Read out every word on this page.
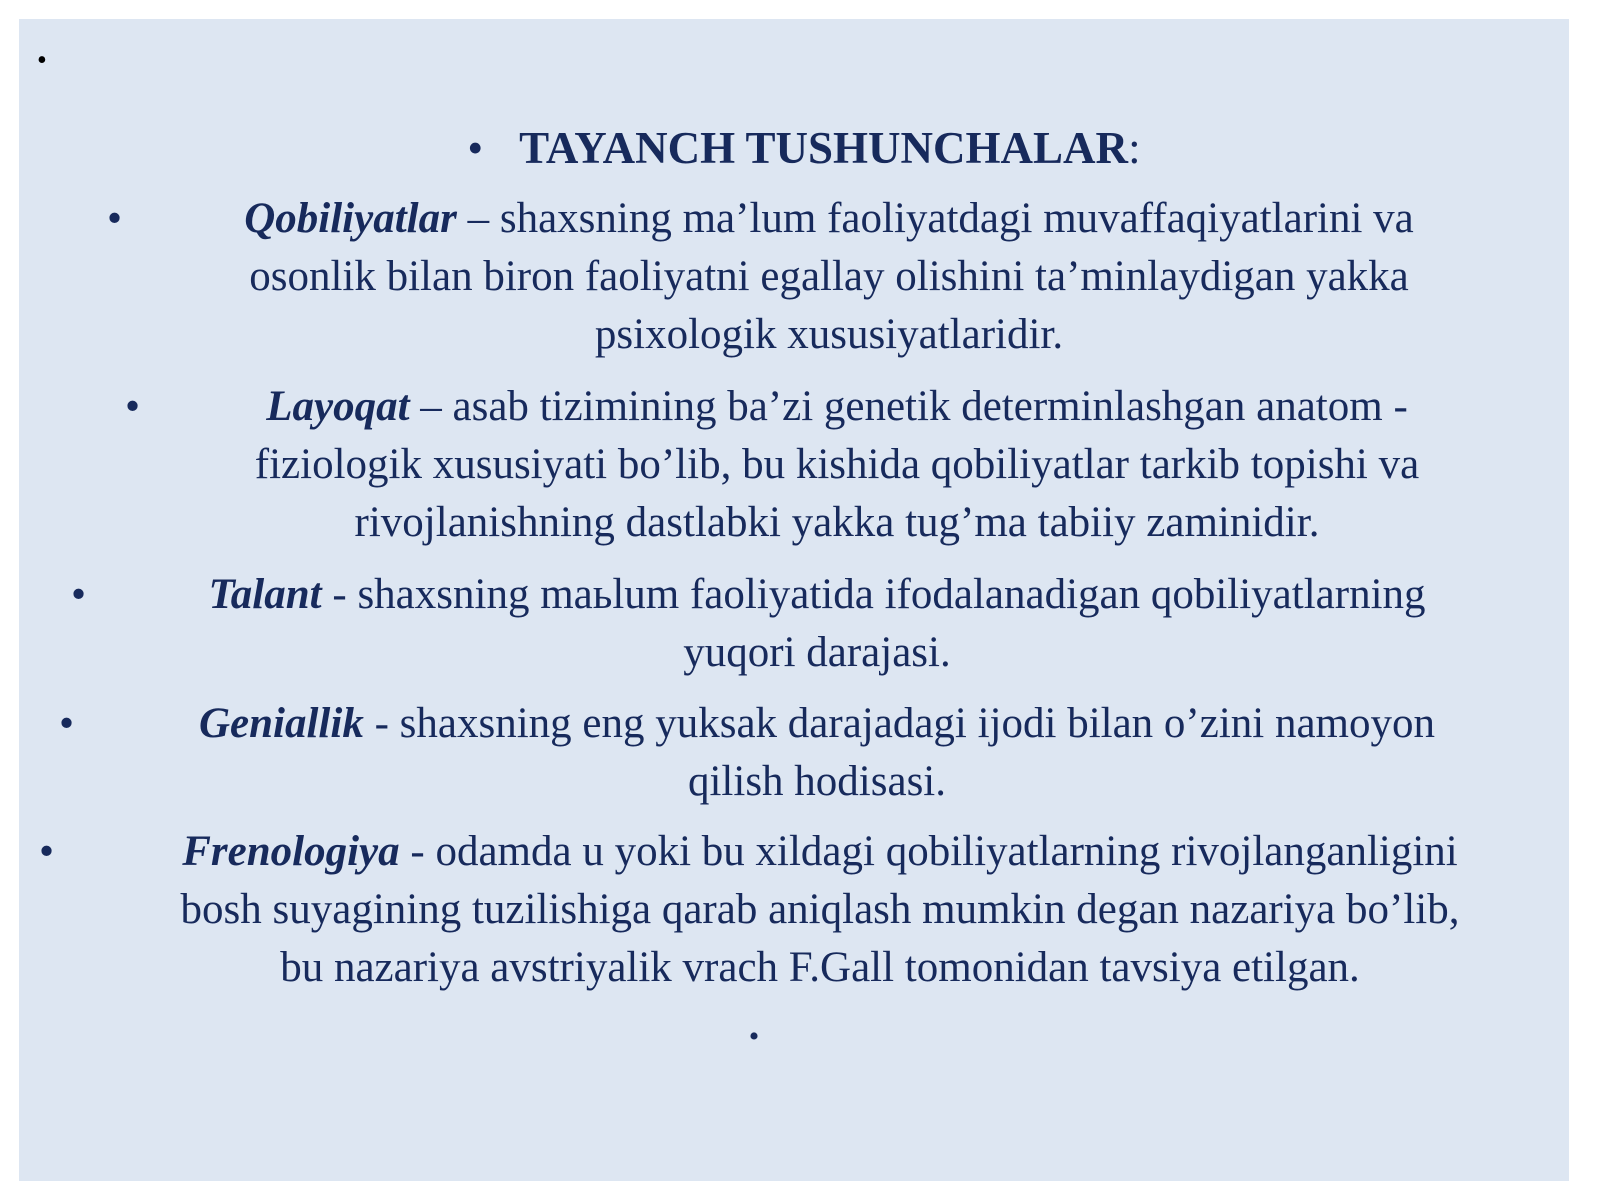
•
• TAYANCH TUSHUNCHALAR:
•	Qobiliyatlar – shaxsning ma’lum faoliyatdagi muvaffaqiyatlarini va
osonlik bilan biron faoliyatni egallay olishini ta’minlaydigan yakka
psixologik xususiyatlaridir.
•	Layoqat – asab tizimining ba’zi genetik determinlashgan anatom -
fiziologik xususiyati bo’lib, bu kishida qobiliyatlar tarkib topishi va
rivojlanishning dastlabki yakka tug’ma tabiiy zaminidir.
•	Talant - shaxsning maьlum faoliyatida ifodalanadigan qobiliyatlarning
yuqori darajasi.
•	Geniallik - shaxsning eng yuksak darajadagi ijodi bilan o’zini namoyon
qilish hodisasi.
•	Frenologiya - odamda u yoki bu xildagi qobiliyatlarning rivojlanganligini
bosh suyagining tuzilishiga qarab aniqlash mumkin degan nazariya bo’lib,
bu nazariya avstriyalik vrach F.Gall tomonidan tavsiya etilgan.
•
